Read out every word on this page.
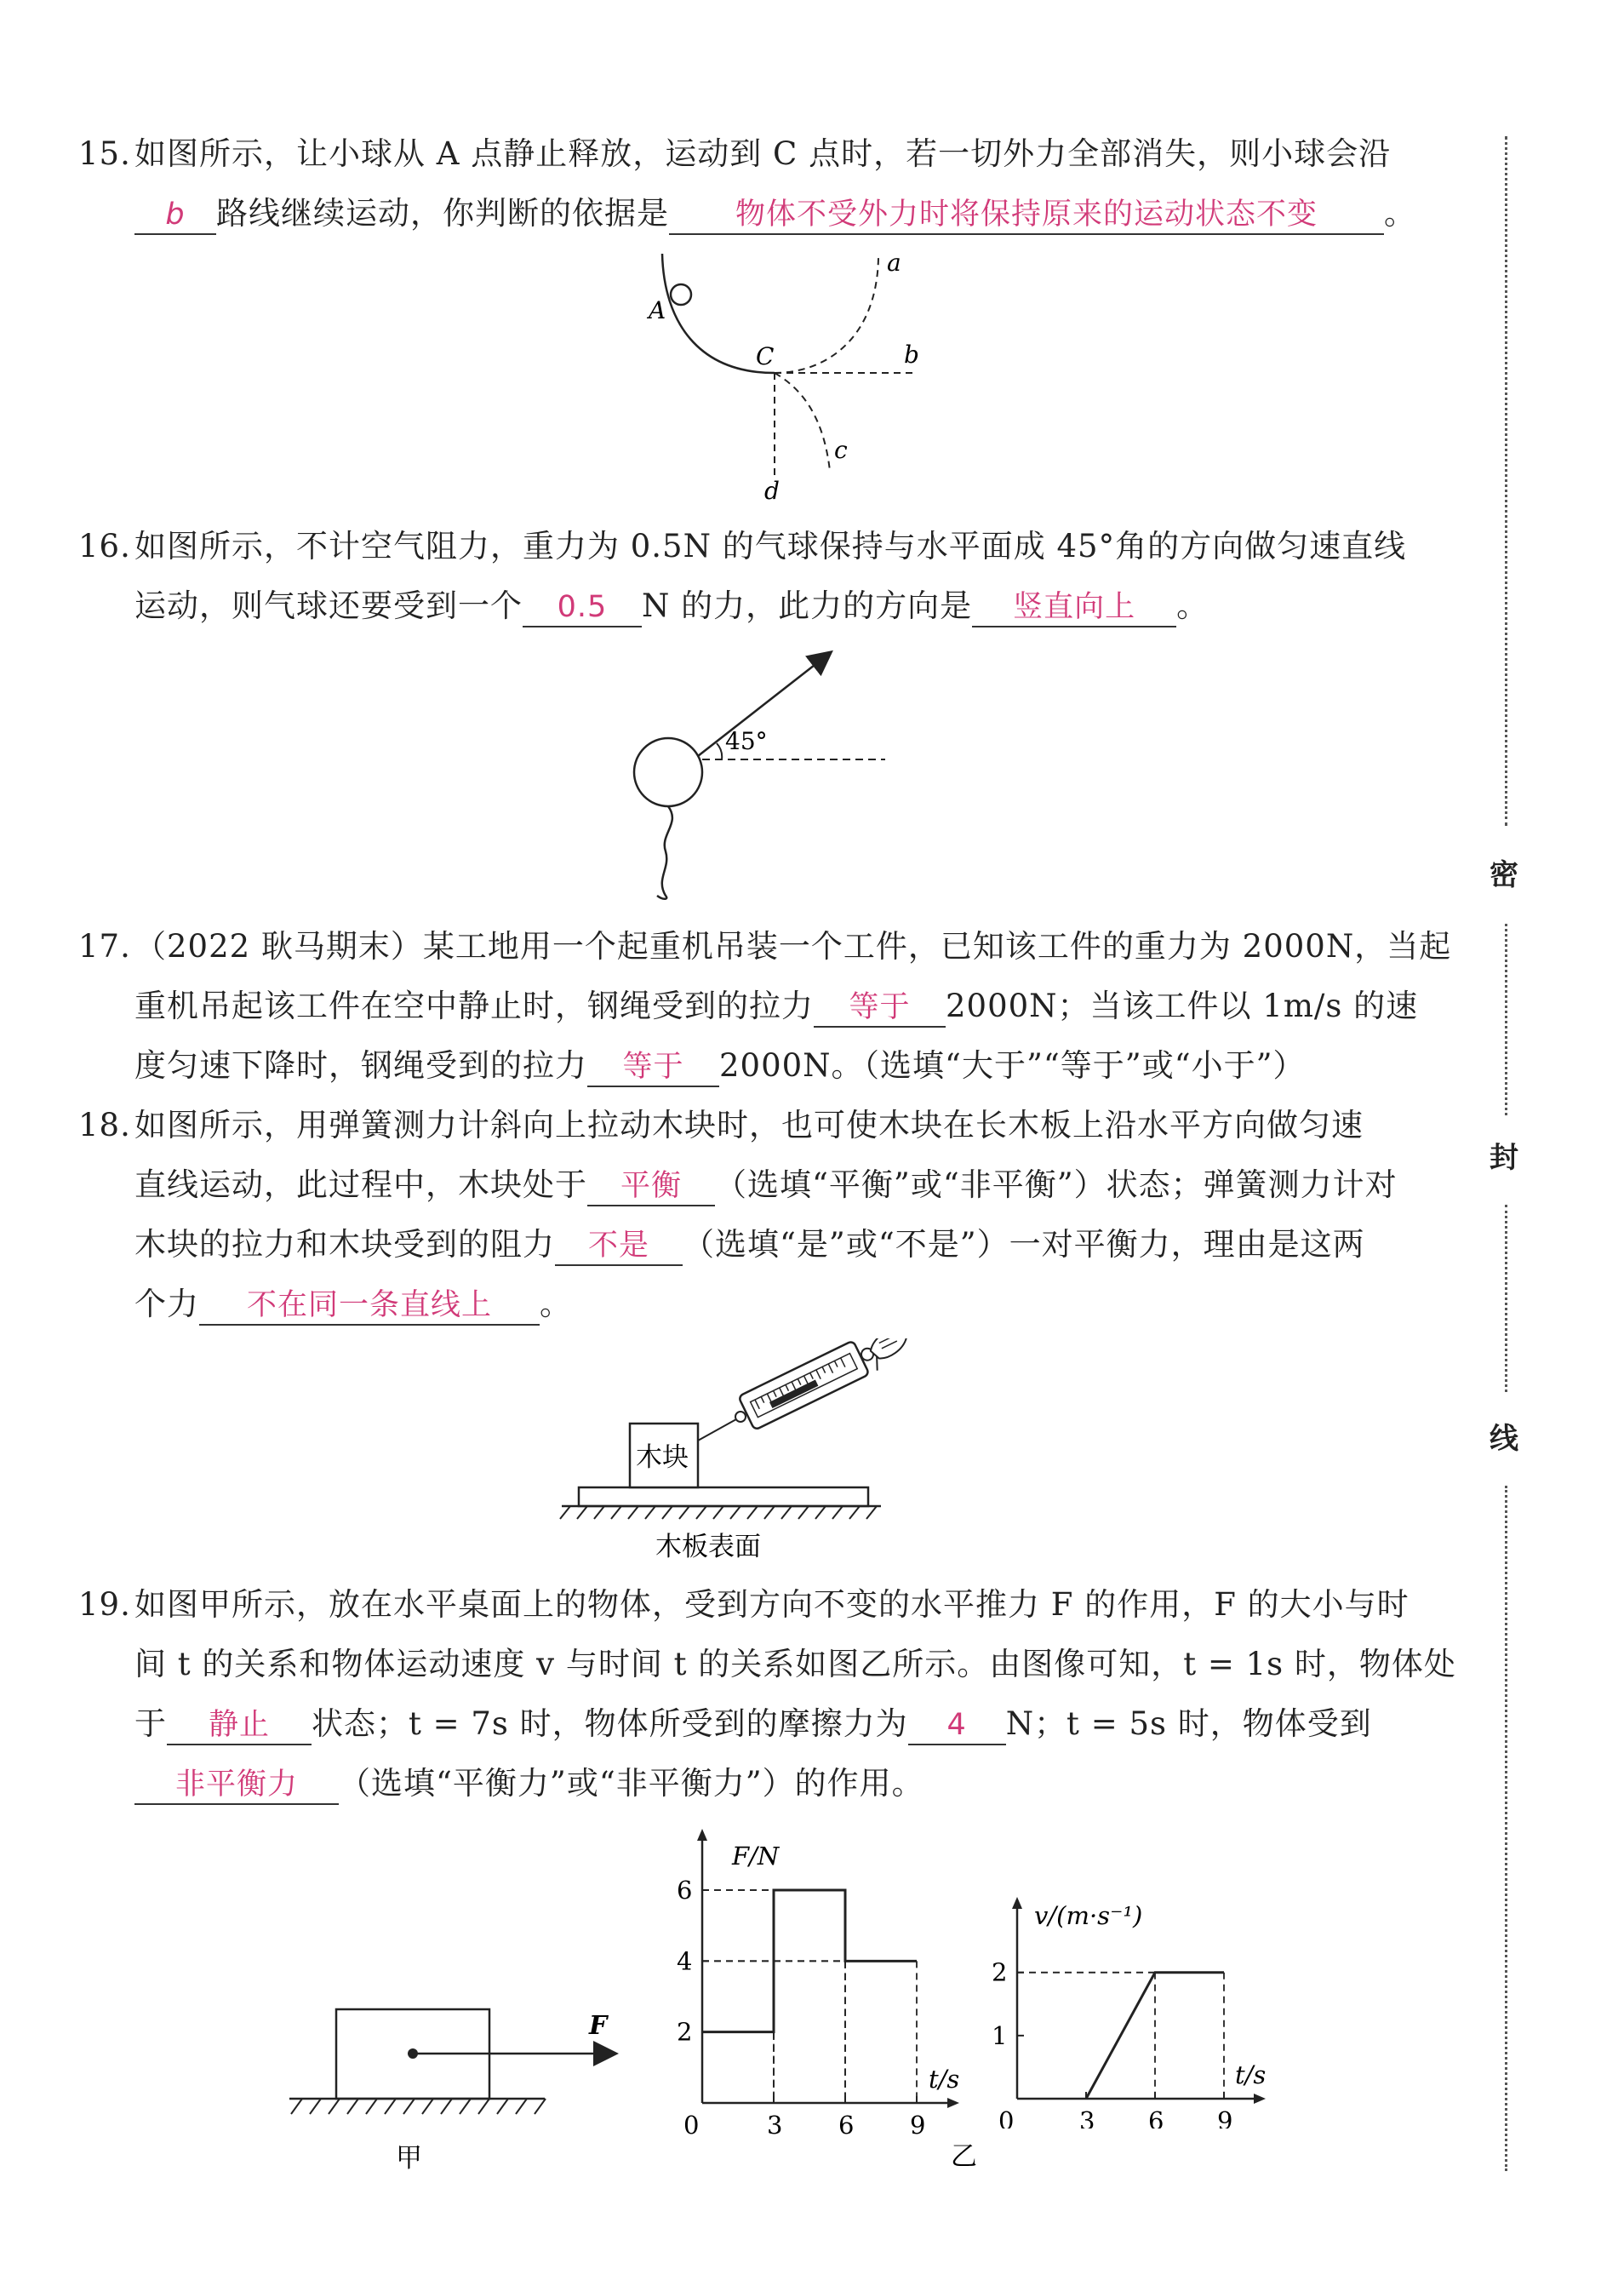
15. 如图所示，让小球从 A 点静止释放，运动到 C 点时，若一切外力全部消失，则小球会沿
b 路线继续运动，你判断的依据是 物体不受外力时将保持原来的运动状态不变 。
A
C
a
b
c
d
16. 如图所示，不计空气阻力，重力为 0.5N 的气球保持与水平面成 45°角的方向做匀速直线
运动，则气球还要受到一个 0.5 N 的力，此力的方向是 竖直向上 。
45°
17. （2022 耿马期末）某工地用一个起重机吊装一个工件，已知该工件的重力为 2000N，当起
重机吊起该工件在空中静止时，钢绳受到的拉力 等于 2000N；当该工件以 1m/s 的速
度匀速下降时，钢绳受到的拉力 等于 2000N。（选填“大于”“等于”或“小于”）
18. 如图所示，用弹簧测力计斜向上拉动木块时，也可使木块在长木板上沿水平方向做匀速
直线运动，此过程中，木块处于 平衡 （选填“平衡”或“非平衡”）状态；弹簧测力计对
木块的拉力和木块受到的阻力 不是 （选填“是”或“不是”）一对平衡力，理由是这两
个力 不在同一条直线上 。
木块
木板表面
19. 如图甲所示，放在水平桌面上的物体，受到方向不变的水平推力 F 的作用，F 的大小与时
间 t 的关系和物体运动速度 v 与时间 t 的关系如图乙所示。由图像可知，t = 1s 时，物体处
于 静止 状态；t = 7s 时，物体所受到的摩擦力为 4 N；t = 5s 时，物体受到
非平衡力 （选填“平衡力”或“非平衡力”）的作用。
F
甲
0	3 6 9
2
4
6
t/s
F/N
0	3 6 9
1
2
t/s
v/(m·s⁻¹)
乙
密
封
线
